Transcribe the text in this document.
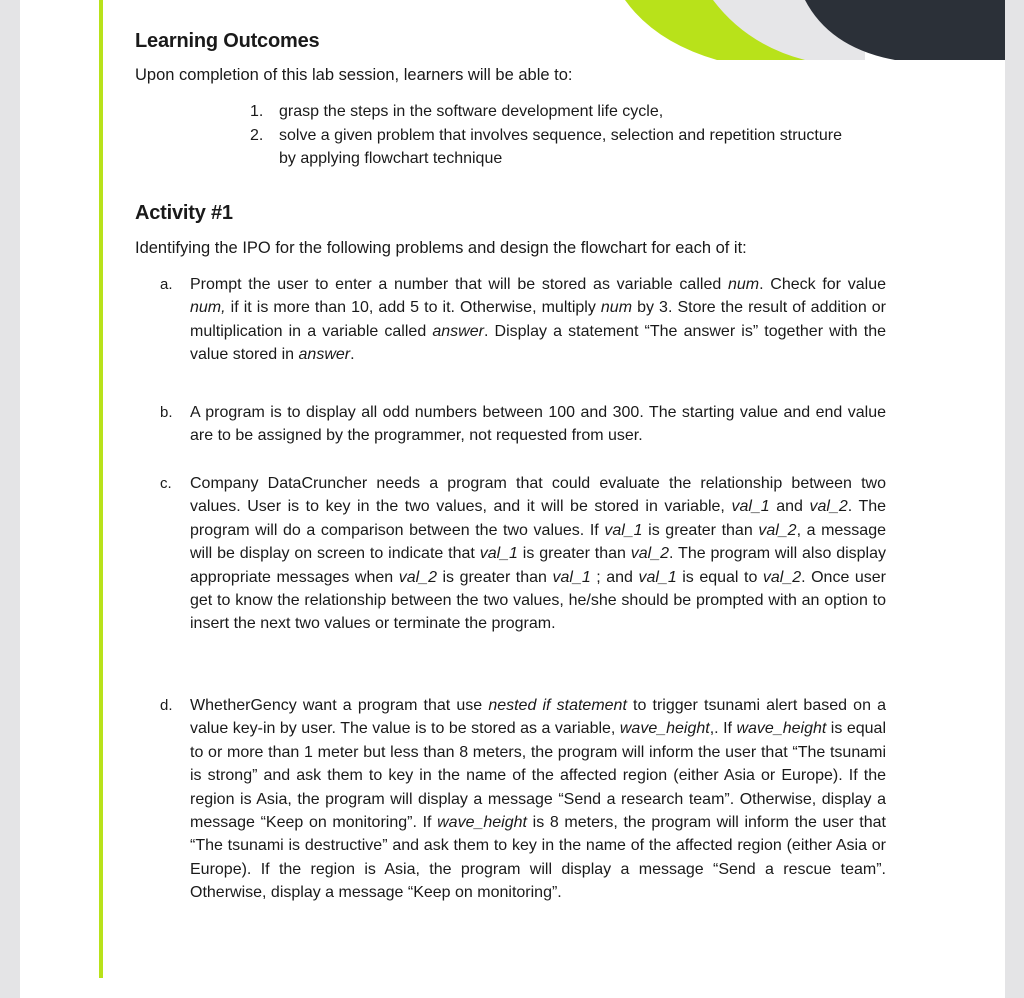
Learning Outcomes

Upon completion of this lab session, learners will be able to:

1. grasp the steps in the software development life cycle,
2. solve a given problem that involves sequence, selection and repetition structure by applying flowchart technique
Activity #1

Identifying the IPO for the following problems and design the flowchart for each of it:

a. Prompt the user to enter a number that will be stored as variable called num. Check for value num, if it is more than 10, add 5 to it. Otherwise, multiply num by 3. Store the result of addition or multiplication in a variable called answer. Display a statement “The answer is” together with the value stored in answer.
b. A program is to display all odd numbers between 100 and 300. The starting value and end value are to be assigned by the programmer, not requested from user.
c. Company DataCruncher needs a program that could evaluate the relationship between two values. User is to key in the two values, and it will be stored in variable, val_1 and val_2. The program will do a comparison between the two values. If val_1 is greater than val_2, a message will be display on screen to indicate that val_1 is greater than val_2. The program will also display appropriate messages when val_2 is greater than val_1 ; and val_1 is equal to val_2. Once user get to know the relationship between the two values, he/she should be prompted with an option to insert the next two values or terminate the program.
d. WhetherGency want a program that use nested if statement to trigger tsunami alert based on a value key-in by user. The value is to be stored as a variable, wave_height,. If wave_height is equal to or more than 1 meter but less than 8 meters, the program will inform the user that “The tsunami is strong” and ask them to key in the name of the affected region (either Asia or Europe). If the region is Asia, the program will display a message “Send a research team”. Otherwise, display a message “Keep on monitoring”. If wave_height is 8 meters, the program will inform the user that “The tsunami is destructive” and ask them to key in the name of the affected region (either Asia or Europe). If the region is Asia, the program will display a message “Send a rescue team”. Otherwise, display a message “Keep on monitoring”.
